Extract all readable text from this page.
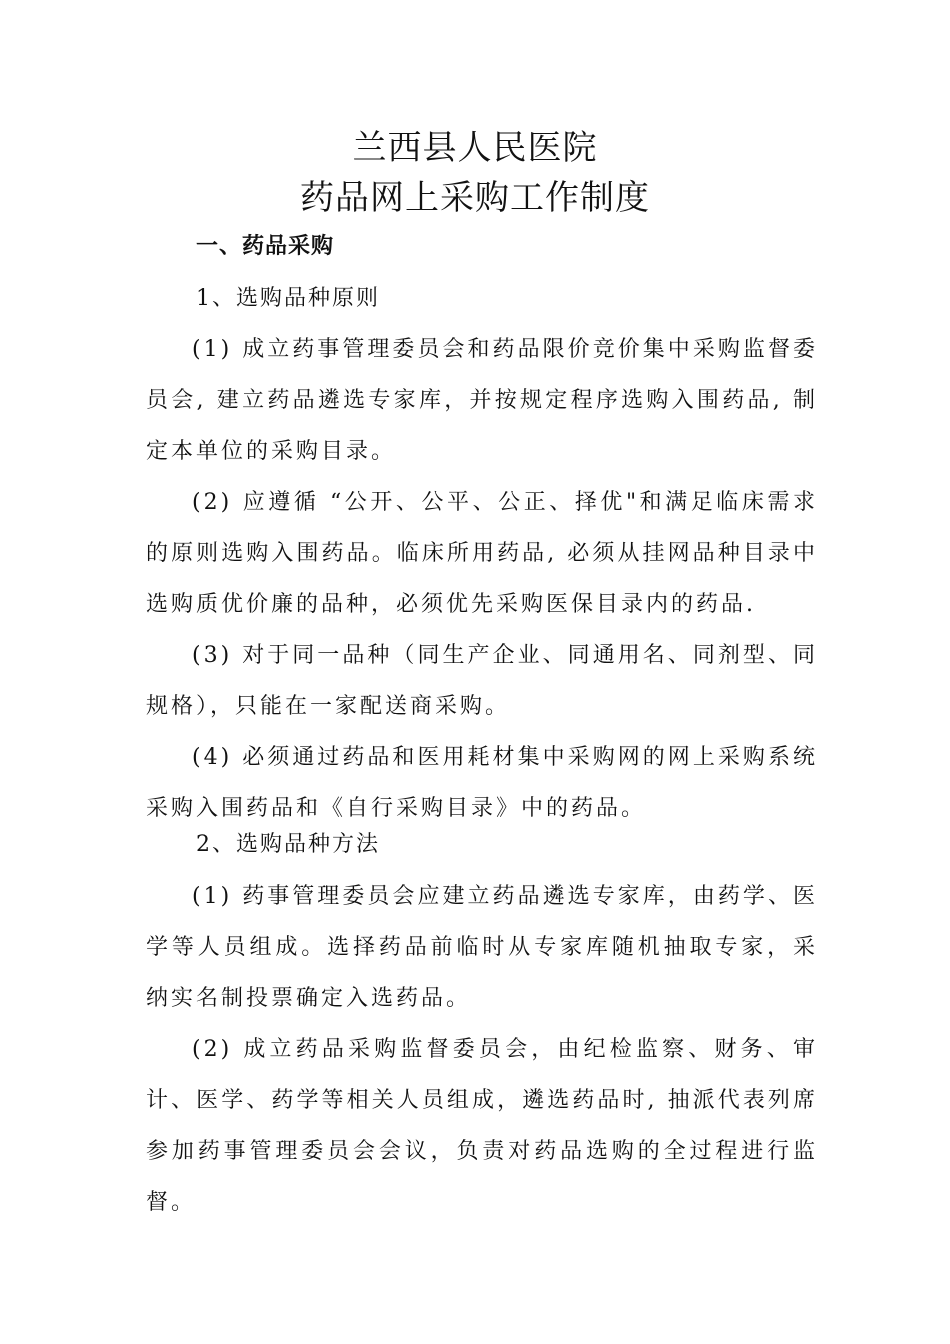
兰西县人民医院
药品网上采购工作制度
一、药品采购
1、选购品种原则

(1) 成立药事管理委员会和药品限价竞价集中采购监督委员会, 建立药品遴选专家库，并按规定程序选购入围药品, 制定本单位的采购目录。

(2) 应遵循 “公开、公平、公正、择优"和满足临床需求的原则选购入围药品。临床所用药品, 必须从挂网品种目录中选购质优价廉的品种，必须优先采购医保目录内的药品.

(3) 对于同一品种（同生产企业、同通用名、同剂型、同规格），只能在一家配送商采购。

(4) 必须通过药品和医用耗材集中采购网的网上采购系统采购入围药品和《自行采购目录》中的药品。

2、选购品种方法

(1) 药事管理委员会应建立药品遴选专家库，由药学、医学等人员组成。选择药品前临时从专家库随机抽取专家，采纳实名制投票确定入选药品。

(2) 成立药品采购监督委员会，由纪检监察、财务、审计、医学、药学等相关人员组成，遴选药品时, 抽派代表列席参加药事管理委员会会议，负责对药品选购的全过程进行监督。
